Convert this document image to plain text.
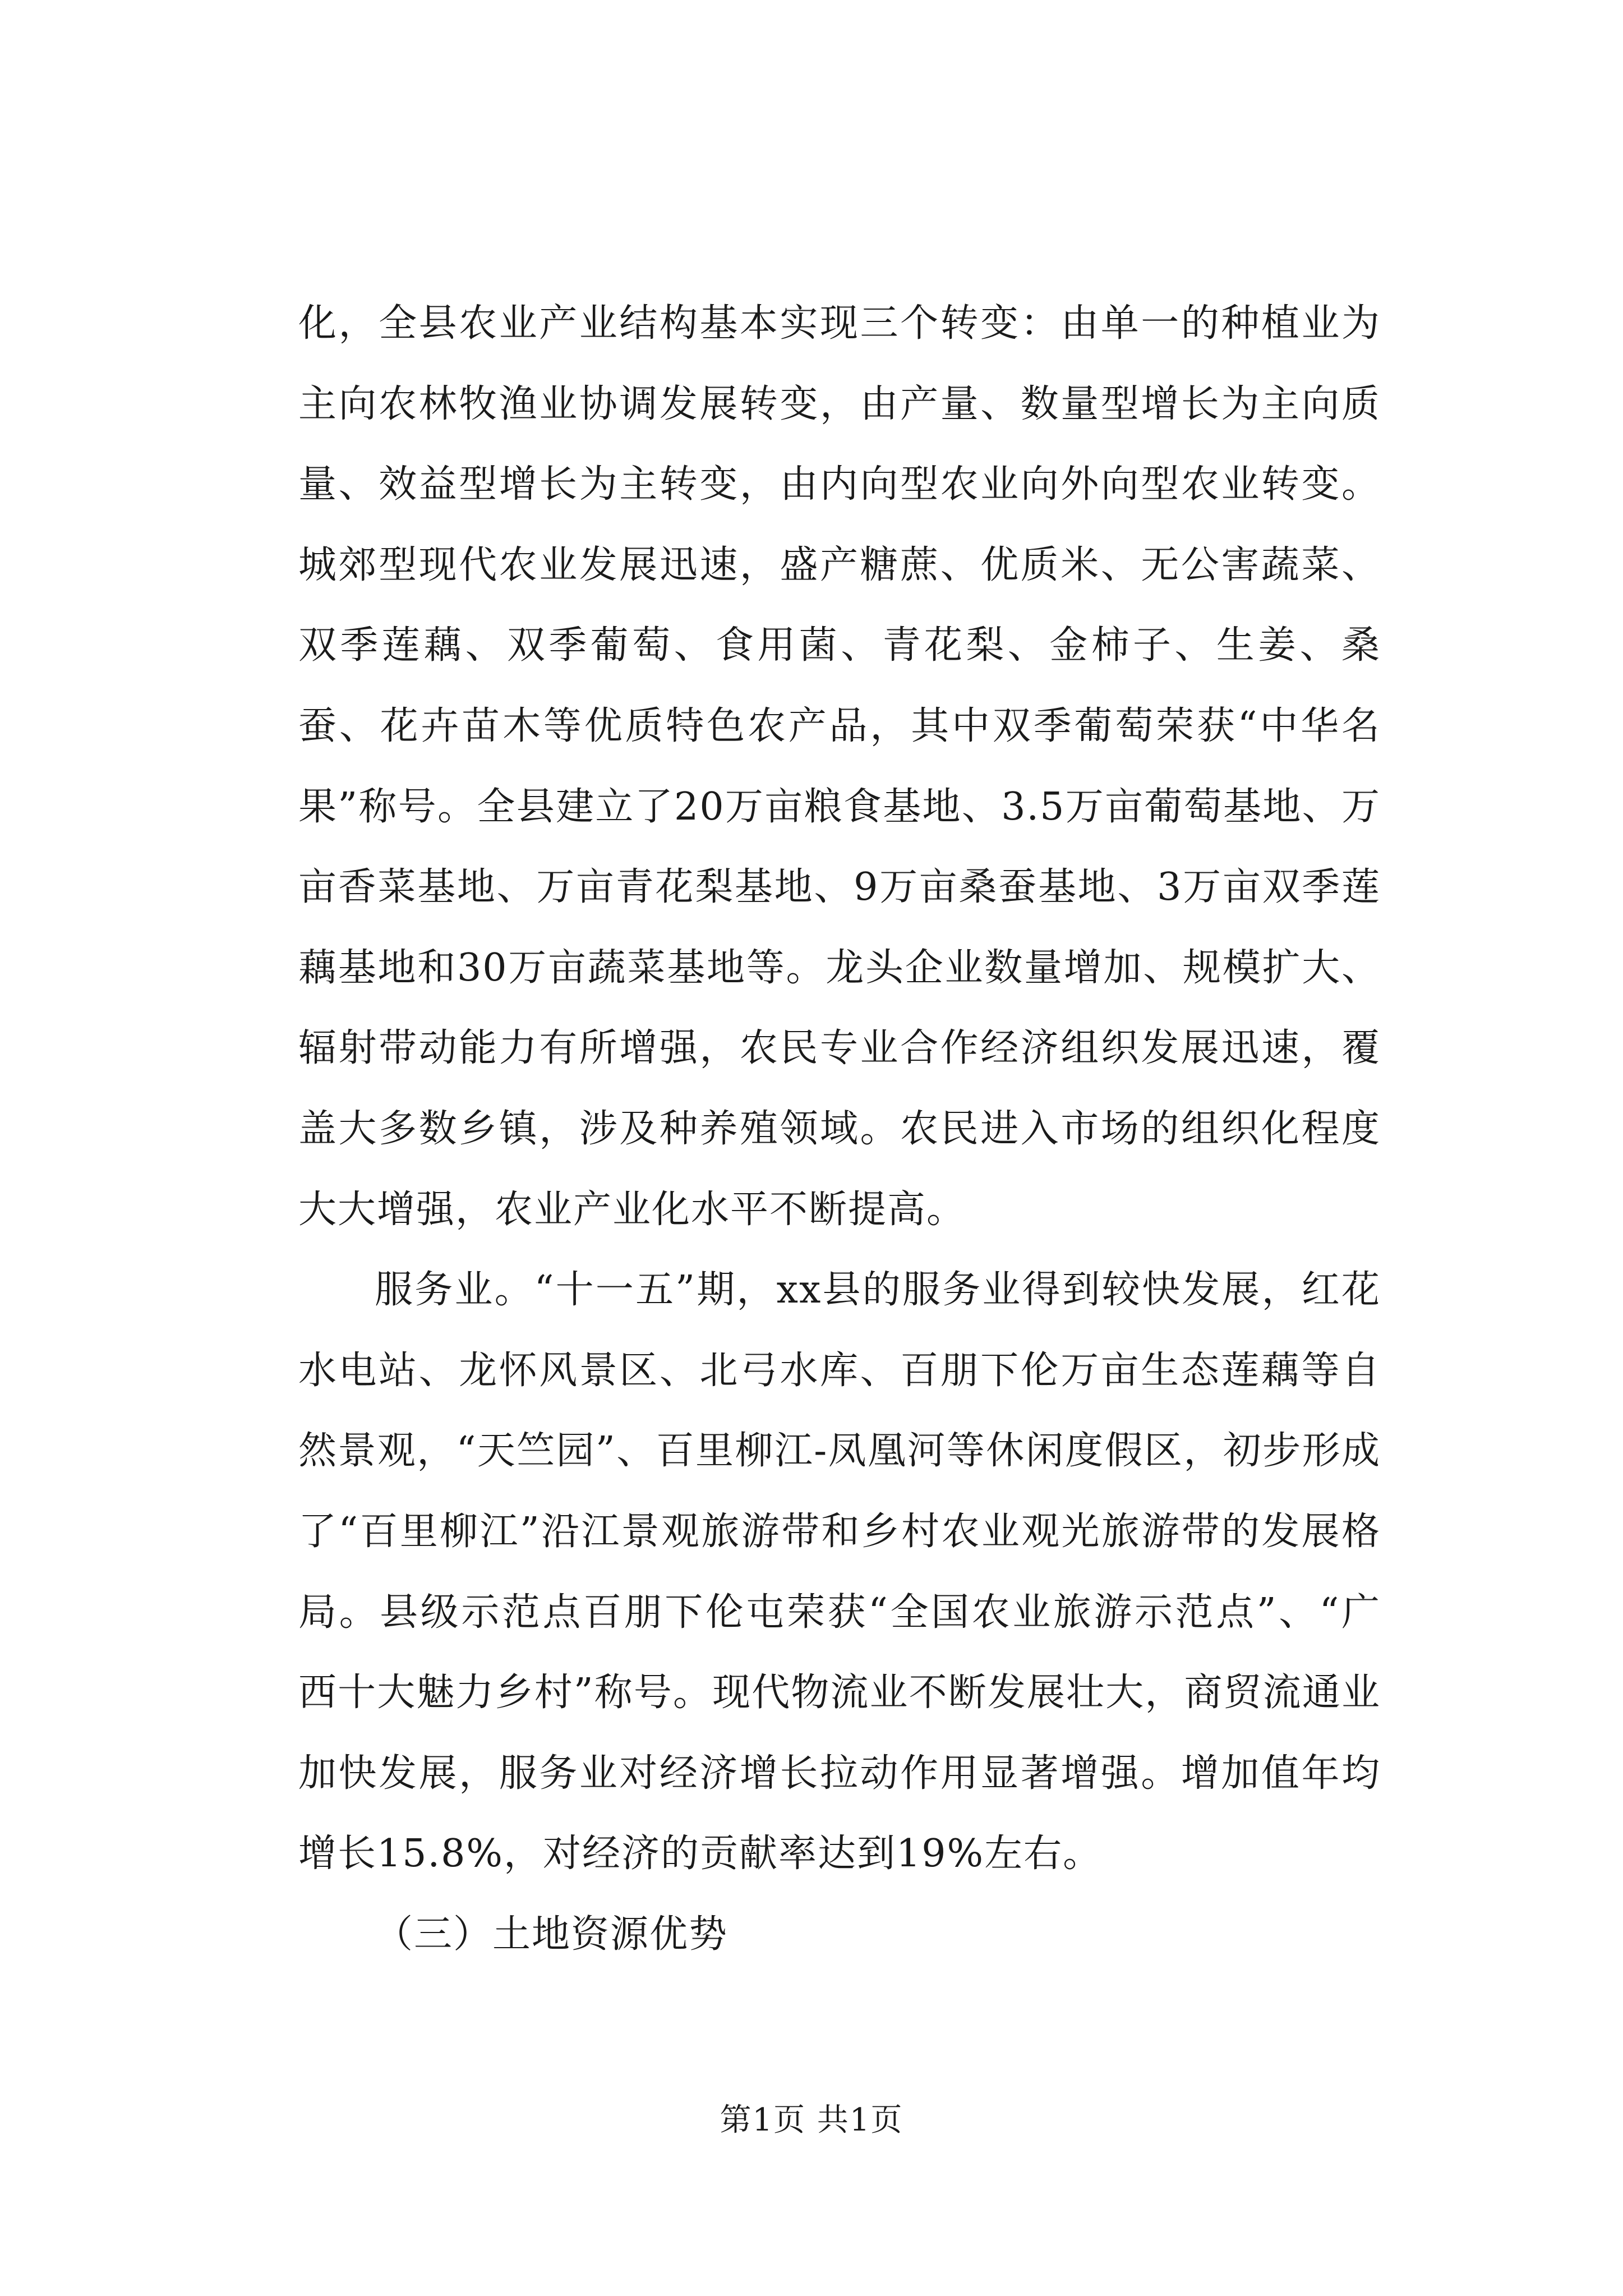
化，全县农业产业结构基本实现三个转变：由单一的种植业为主向农林牧渔业协调发展转变，由产量、数量型增长为主向质量、效益型增长为主转变，由内向型农业向外向型农业转变。城郊型现代农业发展迅速，盛产糖蔗、优质米、无公害蔬菜、双季莲藕、双季葡萄、食用菌、青花梨、金柿子、生姜、桑蚕、花卉苗木等优质特色农产品，其中双季葡萄荣获“中华名果”称号。全县建立了20万亩粮食基地、3.5万亩葡萄基地、万亩香菜基地、万亩青花梨基地、9万亩桑蚕基地、3万亩双季莲藕基地和30万亩蔬菜基地等。龙头企业数量增加、规模扩大、辐射带动能力有所增强，农民专业合作经济组织发展迅速，覆盖大多数乡镇，涉及种养殖领域。农民进入市场的组织化程度大大增强，农业产业化水平不断提高。

服务业。“十一五”期，xx县的服务业得到较快发展，红花水电站、龙怀风景区、北弓水库、百朋下伦万亩生态莲藕等自然景观，“天竺园”、百里柳江-凤凰河等休闲度假区，初步形成了“百里柳江”沿江景观旅游带和乡村农业观光旅游带的发展格局。县级示范点百朋下伦屯荣获“全国农业旅游示范点”、“广西十大魅力乡村”称号。现代物流业不断发展壮大，商贸流通业加快发展，服务业对经济增长拉动作用显著增强。增加值年均增长15.8%，对经济的贡献率达到19%左右。

（三）土地资源优势

第1页 共1页
